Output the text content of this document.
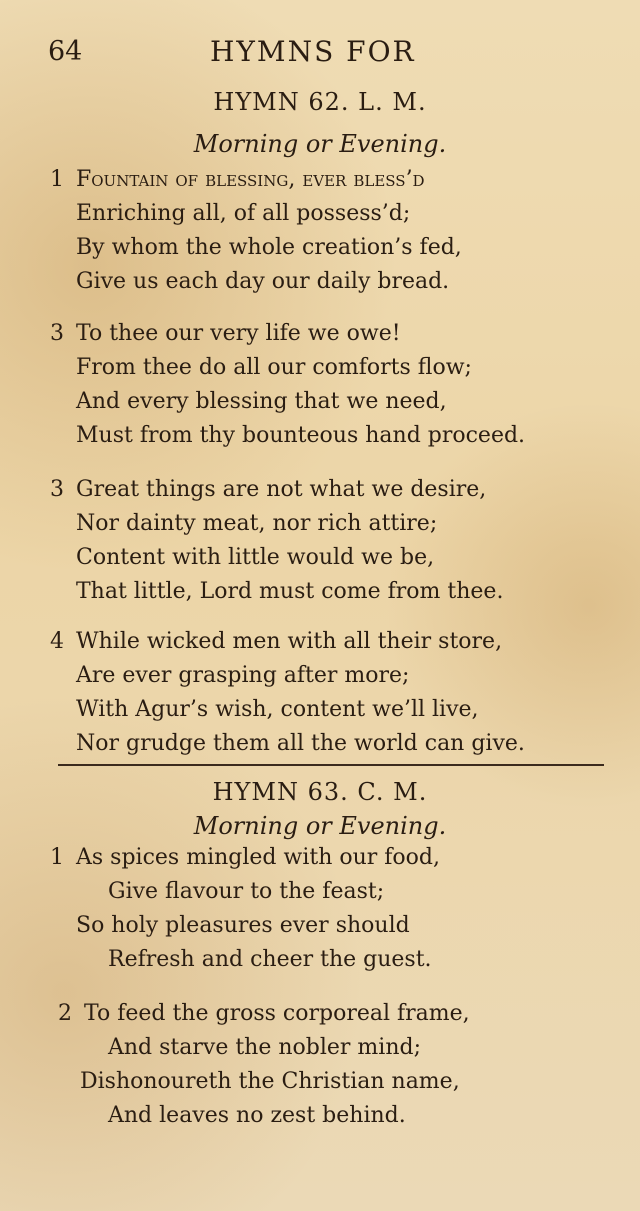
64	HYMNS FOR
HYMN 62. L. M.
Morning or Evening.
1 Fountain of blessing, ever bless’d
Enriching all, of all possess’d;
By whom the whole creation’s fed,
Give us each day our daily bread.
3 To thee our very life we owe!
From thee do all our comforts flow;
And every blessing that we need,
Must from thy bounteous hand proceed.
3 Great things are not what we desire,
Nor dainty meat, nor rich attire;
Content with little would we be,
That little, Lord must come from thee.
4 While wicked men with all their store,
Are ever grasping after more;
With Agur’s wish, content we’ll live,
Nor grudge them all the world can give.
HYMN 63. C. M.
Morning or Evening.
1 As spices mingled with our food,
Give flavour to the feast;
So holy pleasures ever should
Refresh and cheer the guest.
2 To feed the gross corporeal frame,
And starve the nobler mind;
Dishonoureth the Christian name,
And leaves no zest behind.
